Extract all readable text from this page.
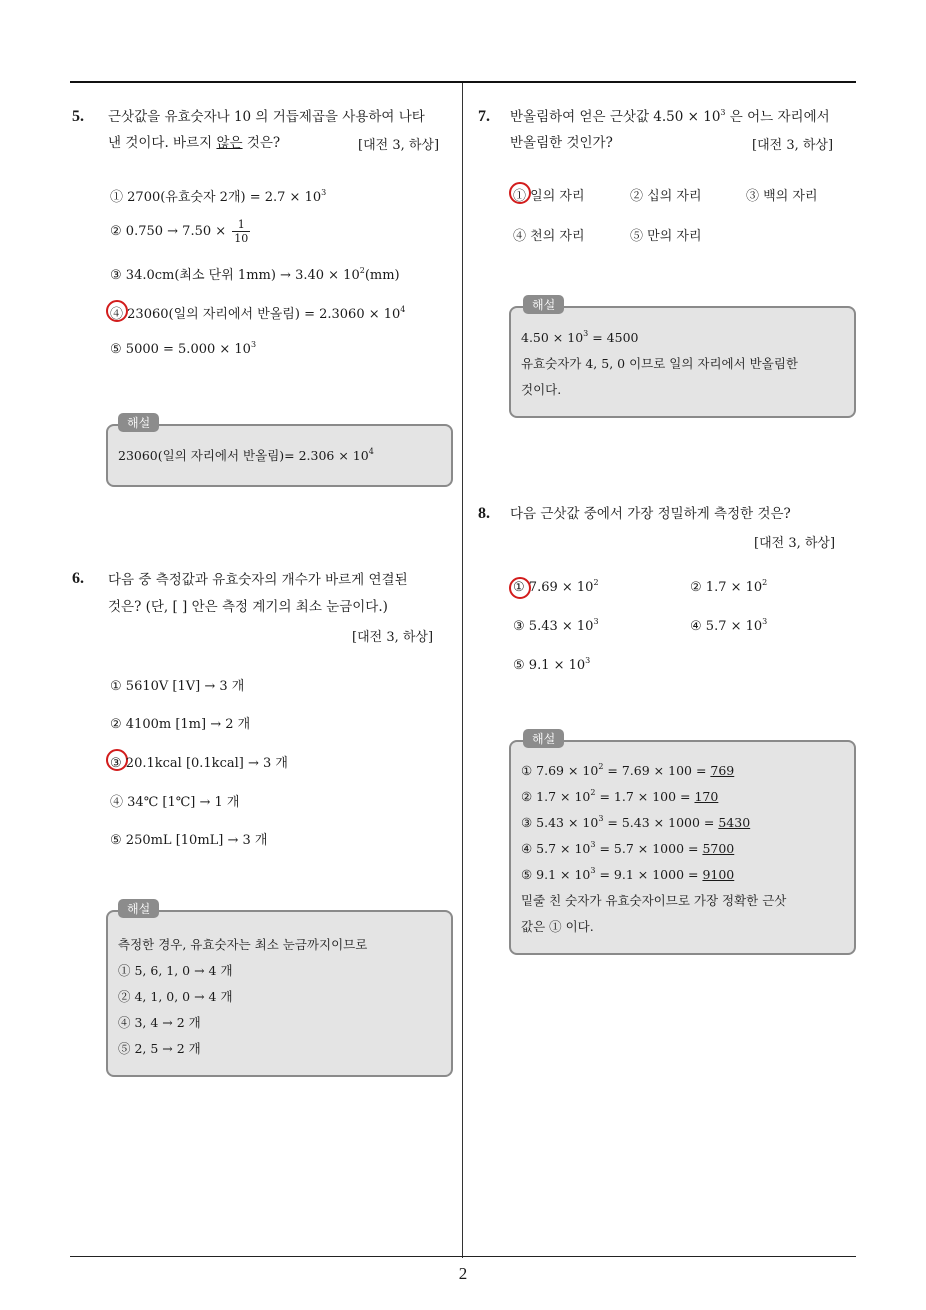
5. 근삿값을 유효숫자나 10 의 거듭제곱을 사용하여 나타
낸 것이다. 바르지 않은 것은?	[대전 3, 하상]
① 2700(유효숫자 2개) = $2.7 \times 10^3$
② $0.750 \to 7.50 \times \frac{1}{10}$
③ 34.0cm(최소 단위 $1mm) \to 3.40 \times 10^2(mm)$
④ 23060(일의 자리에서 반올림) = $2.3060 \times 10^4$
⑤ $5000 = 5.000 \times 10^3$
23060(일의 자리에서 반올림)= $2.306 \times 10^4$
해설
6. 다음 중 측정값과 유효숫자의 개수가 바르게 연결된
것은? (단, [ ] 안은 측정 계기의 최소 눈금이다.)
[대전 3, 하상]
① 5610V [1V] → 3 개
② 4100m [1m] → 2 개
③ 20.1kcal [0.1kcal] → 3 개
④ 34℃ [1℃] → 1 개
⑤ 250mL [10mL] → 3 개
측정한 경우, 유효숫자는 최소 눈금까지이므로
① 5, 6, 1, 0 → 4 개
② 4, 1, 0, 0 → 4 개
④ 3, 4 → 2 개
⑤ 2, 5 → 2 개
해설
7. 반올림하여 얻은 근삿값 $4.50 \times 10^3$ 은 어느 자리에서
반올림한 것인가?	[대전 3, 하상]
① 일의 자리	② 십의 자리	③ 백의 자리
④ 천의 자리	⑤ 만의 자리
$4.50 \times 10^3 = 4500$
유효숫자가 4, 5, 0 이므로 일의 자리에서 반올림한
것이다.
해설
8. 다음 근삿값 중에서 가장 정밀하게 측정한 것은?
[대전 3, 하상]
① $7.69 \times 10^2$	② $1.7 \times 10^2$
③ $5.43 \times 10^3$	④ $5.7 \times 10^3$
⑤ $9.1 \times 10^3$
① $7.69 \times 10^2 = 7.69 \times 100 = 769$
② $1.7 \times 10^2 = 1.7 \times 100 = 170$
③ $5.43 \times 10^3 = 5.43 \times 1000 = 5430$
④ $5.7 \times 10^3 = 5.7 \times 1000 = 5700$
⑤ $9.1 \times 10^3 = 9.1 \times 1000 = 9100$
밑줄 친 숫자가 유효숫자이므로 가장 정확한 근삿
값은 ① 이다.
해설
2
